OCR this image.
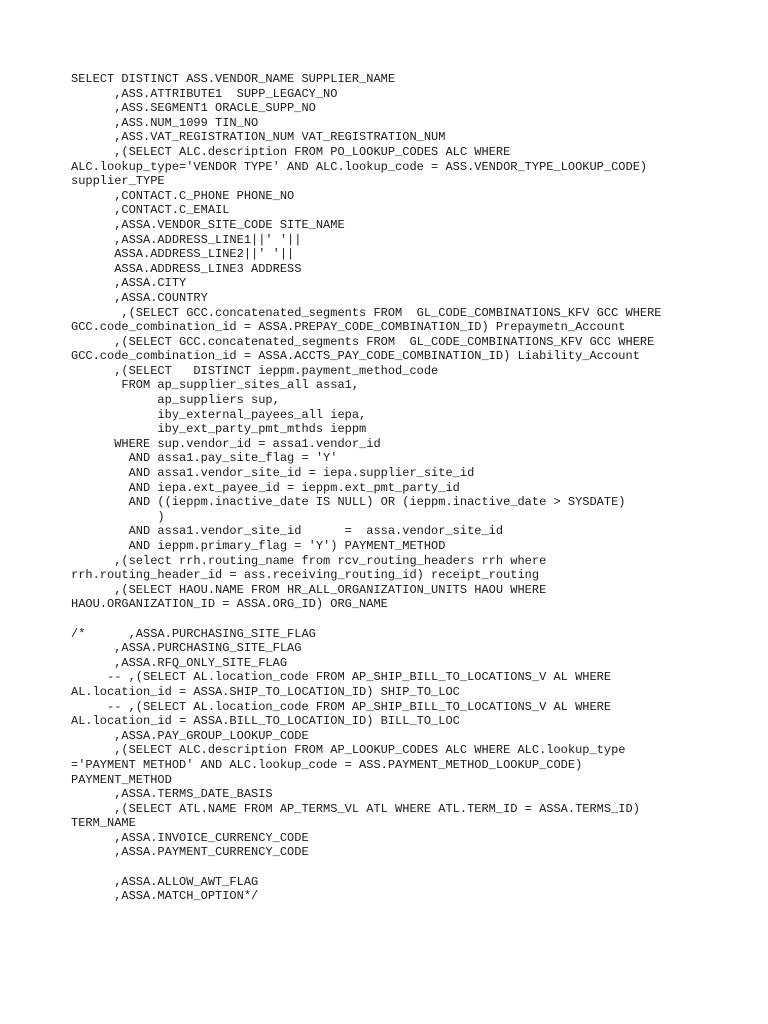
SELECT DISTINCT ASS.VENDOR_NAME SUPPLIER_NAME
,ASS.ATTRIBUTE1  SUPP_LEGACY_NO
,ASS.SEGMENT1 ORACLE_SUPP_NO
,ASS.NUM_1099 TIN_NO
,ASS.VAT_REGISTRATION_NUM VAT_REGISTRATION_NUM
,(SELECT ALC.description FROM PO_LOOKUP_CODES ALC WHERE
ALC.lookup_type='VENDOR TYPE' AND ALC.lookup_code = ASS.VENDOR_TYPE_LOOKUP_CODE)
supplier_TYPE
,CONTACT.C_PHONE PHONE_NO
,CONTACT.C_EMAIL
,ASSA.VENDOR_SITE_CODE SITE_NAME
,ASSA.ADDRESS_LINE1||' '||
ASSA.ADDRESS_LINE2||' '||
ASSA.ADDRESS_LINE3 ADDRESS
,ASSA.CITY
,ASSA.COUNTRY
,(SELECT GCC.concatenated_segments FROM  GL_CODE_COMBINATIONS_KFV GCC WHERE
GCC.code_combination_id = ASSA.PREPAY_CODE_COMBINATION_ID) Prepaymetn_Account
,(SELECT GCC.concatenated_segments FROM  GL_CODE_COMBINATIONS_KFV GCC WHERE
GCC.code_combination_id = ASSA.ACCTS_PAY_CODE_COMBINATION_ID) Liability_Account
,(SELECT   DISTINCT ieppm.payment_method_code
FROM ap_supplier_sites_all assa1,
ap_suppliers sup,
iby_external_payees_all iepa,
iby_ext_party_pmt_mthds ieppm
WHERE sup.vendor_id = assa1.vendor_id
AND assa1.pay_site_flag = 'Y'
AND assa1.vendor_site_id = iepa.supplier_site_id
AND iepa.ext_payee_id = ieppm.ext_pmt_party_id
AND ((ieppm.inactive_date IS NULL) OR (ieppm.inactive_date > SYSDATE)
)
AND assa1.vendor_site_id      =  assa.vendor_site_id
AND ieppm.primary_flag = 'Y') PAYMENT_METHOD
,(select rrh.routing_name from rcv_routing_headers rrh where
rrh.routing_header_id = ass.receiving_routing_id) receipt_routing
,(SELECT HAOU.NAME FROM HR_ALL_ORGANIZATION_UNITS HAOU WHERE
HAOU.ORGANIZATION_ID = ASSA.ORG_ID) ORG_NAME
/*      ,ASSA.PURCHASING_SITE_FLAG
,ASSA.PURCHASING_SITE_FLAG
,ASSA.RFQ_ONLY_SITE_FLAG
-- ,(SELECT AL.location_code FROM AP_SHIP_BILL_TO_LOCATIONS_V AL WHERE
AL.location_id = ASSA.SHIP_TO_LOCATION_ID) SHIP_TO_LOC
-- ,(SELECT AL.location_code FROM AP_SHIP_BILL_TO_LOCATIONS_V AL WHERE
AL.location_id = ASSA.BILL_TO_LOCATION_ID) BILL_TO_LOC
,ASSA.PAY_GROUP_LOOKUP_CODE
,(SELECT ALC.description FROM AP_LOOKUP_CODES ALC WHERE ALC.lookup_type
='PAYMENT METHOD' AND ALC.lookup_code = ASS.PAYMENT_METHOD_LOOKUP_CODE)
PAYMENT_METHOD
,ASSA.TERMS_DATE_BASIS
,(SELECT ATL.NAME FROM AP_TERMS_VL ATL WHERE ATL.TERM_ID = ASSA.TERMS_ID)
TERM_NAME
,ASSA.INVOICE_CURRENCY_CODE
,ASSA.PAYMENT_CURRENCY_CODE
,ASSA.ALLOW_AWT_FLAG
,ASSA.MATCH_OPTION*/
